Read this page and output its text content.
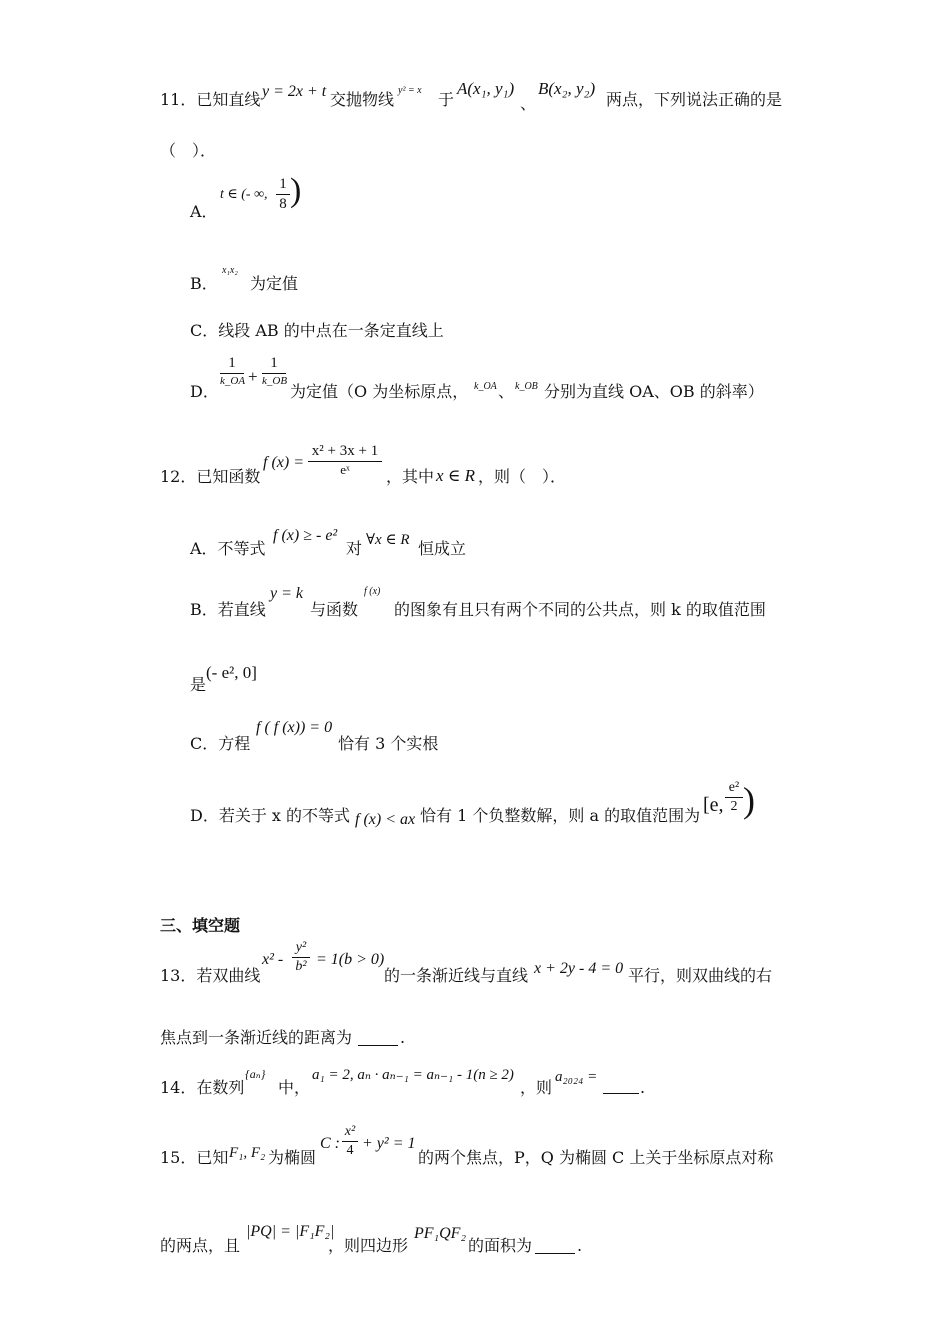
11．已知直线 y = 2x + t 交抛物线 y² = x 于
A(x₁, y₁)
、
B(x₂, y₂)
两点，下列说法正确的是
（　）．
A．
t ∈ (- ∞,
1
8 )
B．
x₁x₂
为定值
C．线段 AB 的中点在一条定直线上
D．
1
k_OA +
1
k_OB
为定值（O 为坐标原点， k_OA 、 k_OB 分别为直线 OA、OB 的斜率）
12．已知函数
f (x) =
x² + 3x + 1
eˣ	，其中 x ∈ R ，则（　）．
A．不等式
f (x) ≥ - e²
对 ∀x ∈ R 恒成立
B．若直线
y = k
与函数
f (x)
的图象有且只有两个不同的公共点，则 k 的取值范围
是
(- e², 0]
C．方程
f ( f (x)) = 0
恰有 3 个实根
D．若关于 x 的不等式 f (x) < ax 恰有 1 个负整数解，则 a 的取值范围为 [e,
e²
2 )
三、填空题
13．若双曲线
x² -
y²
b² = 1(b > 0)
的一条渐近线与直线 x + 2y - 4 = 0 平行，则双曲线的右
焦点到一条渐近线的距离为	.
14．在数列
{aₙ}
中，
a₁ = 2, aₙ · aₙ₋₁ = aₙ₋₁ - 1(n ≥ 2)
，则
a₂₀₂₄ =
.
15．已知 F₁, F₂ 为椭圆
C :
x²
4 + y² = 1
的两个焦点，P，Q 为椭圆 C 上关于坐标原点对称
的两点，且
|PQ| = |F₁F₂|
，则四边形
PF₁QF₂
的面积为	.
